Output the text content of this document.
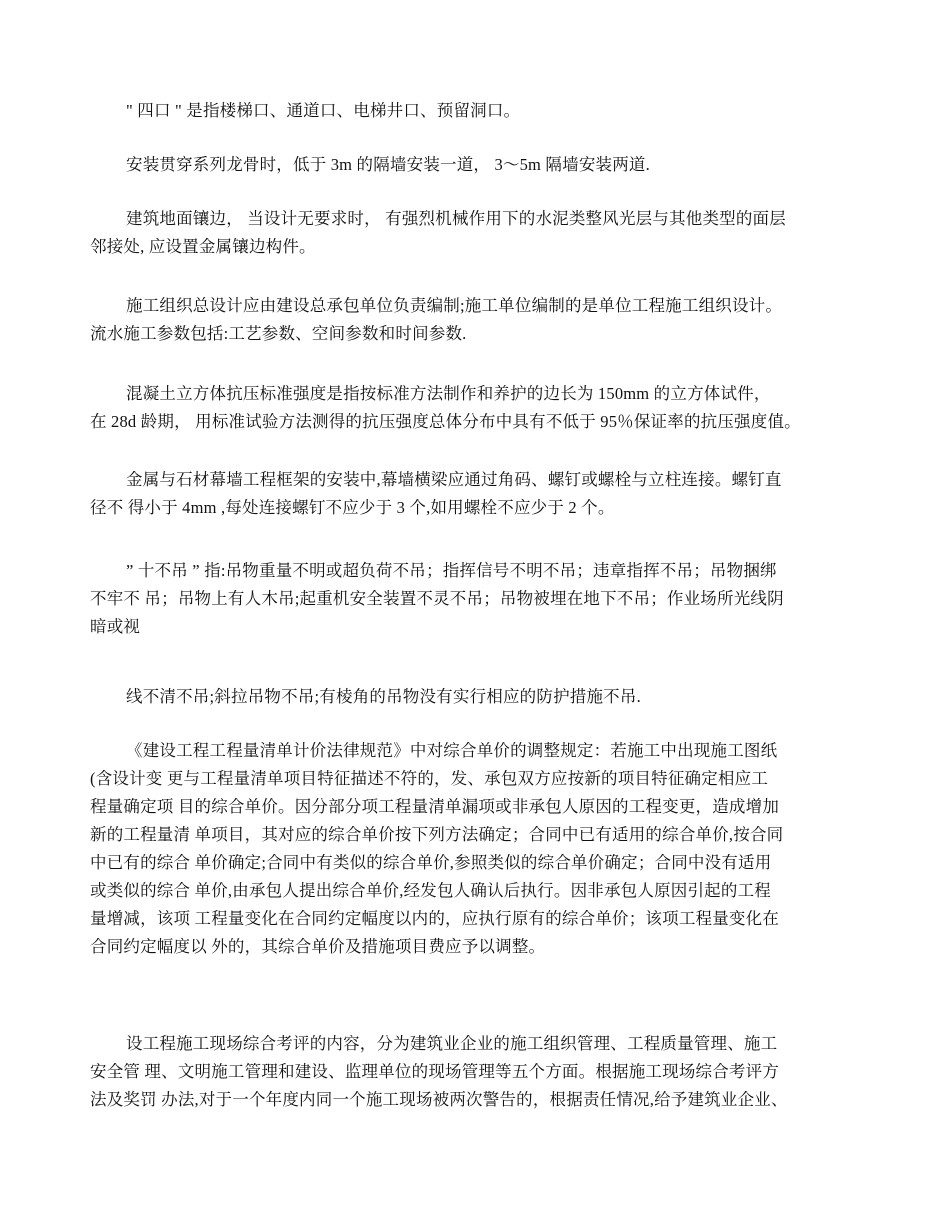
" 四口 " 是指楼梯口、通道口、电梯井口、预留洞口。

安装贯穿系列龙骨时，低于 3m 的隔墙安装一道， 3～5m 隔墙安装两道.

建筑地面镶边， 当设计无要求时， 有强烈机械作用下的水泥类整风光层与其他类型的面层
邻接处, 应设置金属镶边构件。

施工组织总设计应由建设总承包单位负责编制;施工单位编制的是单位工程施工组织设计。
流水施工参数包括:工艺参数、空间参数和时间参数.

混凝土立方体抗压标准强度是指按标准方法制作和养护的边长为 150mm 的立方体试件，
在 28d 龄期， 用标准试验方法测得的抗压强度总体分布中具有不低于 95％保证率的抗压强度值。

金属与石材幕墙工程框架的安装中,幕墙横梁应通过角码、螺钉或螺栓与立柱连接。螺钉直
径不 得小于 4mm ,每处连接螺钉不应少于 3 个,如用螺栓不应少于 2 个。

” 十不吊 ” 指:吊物重量不明或超负荷不吊；指挥信号不明不吊；违章指挥不吊；吊物捆绑
不牢不 吊；吊物上有人木吊;起重机安全装置不灵不吊；吊物被埋在地下不吊；作业场所光线阴
暗或视

线不清不吊;斜拉吊物不吊;有棱角的吊物没有实行相应的防护措施不吊.

《建设工程工程量清单计价法律规范》中对综合单价的调整规定：若施工中出现施工图纸
(含设计变 更与工程量清单项目特征描述不符的，发、承包双方应按新的项目特征确定相应工
程量确定项 目的综合单价。因分部分项工程量清单漏项或非承包人原因的工程变更，造成增加
新的工程量清 单项目，其对应的综合单价按下列方法确定；合同中已有适用的综合单价,按合同
中已有的综合 单价确定;合同中有类似的综合单价,参照类似的综合单价确定；合同中没有适用
或类似的综合 单价,由承包人提出综合单价,经发包人确认后执行。因非承包人原因引起的工程
量增减，该项 工程量变化在合同约定幅度以内的，应执行原有的综合单价；该项工程量变化在
合同约定幅度以 外的，其综合单价及措施项目费应予以调整。

设工程施工现场综合考评的内容，分为建筑业企业的施工组织管理、工程质量管理、施工
安全管 理、文明施工管理和建设、监理单位的现场管理等五个方面。根据施工现场综合考评方
法及奖罚 办法,对于一个年度内同一个施工现场被两次警告的，根据责任情况,给予建筑业企业、
